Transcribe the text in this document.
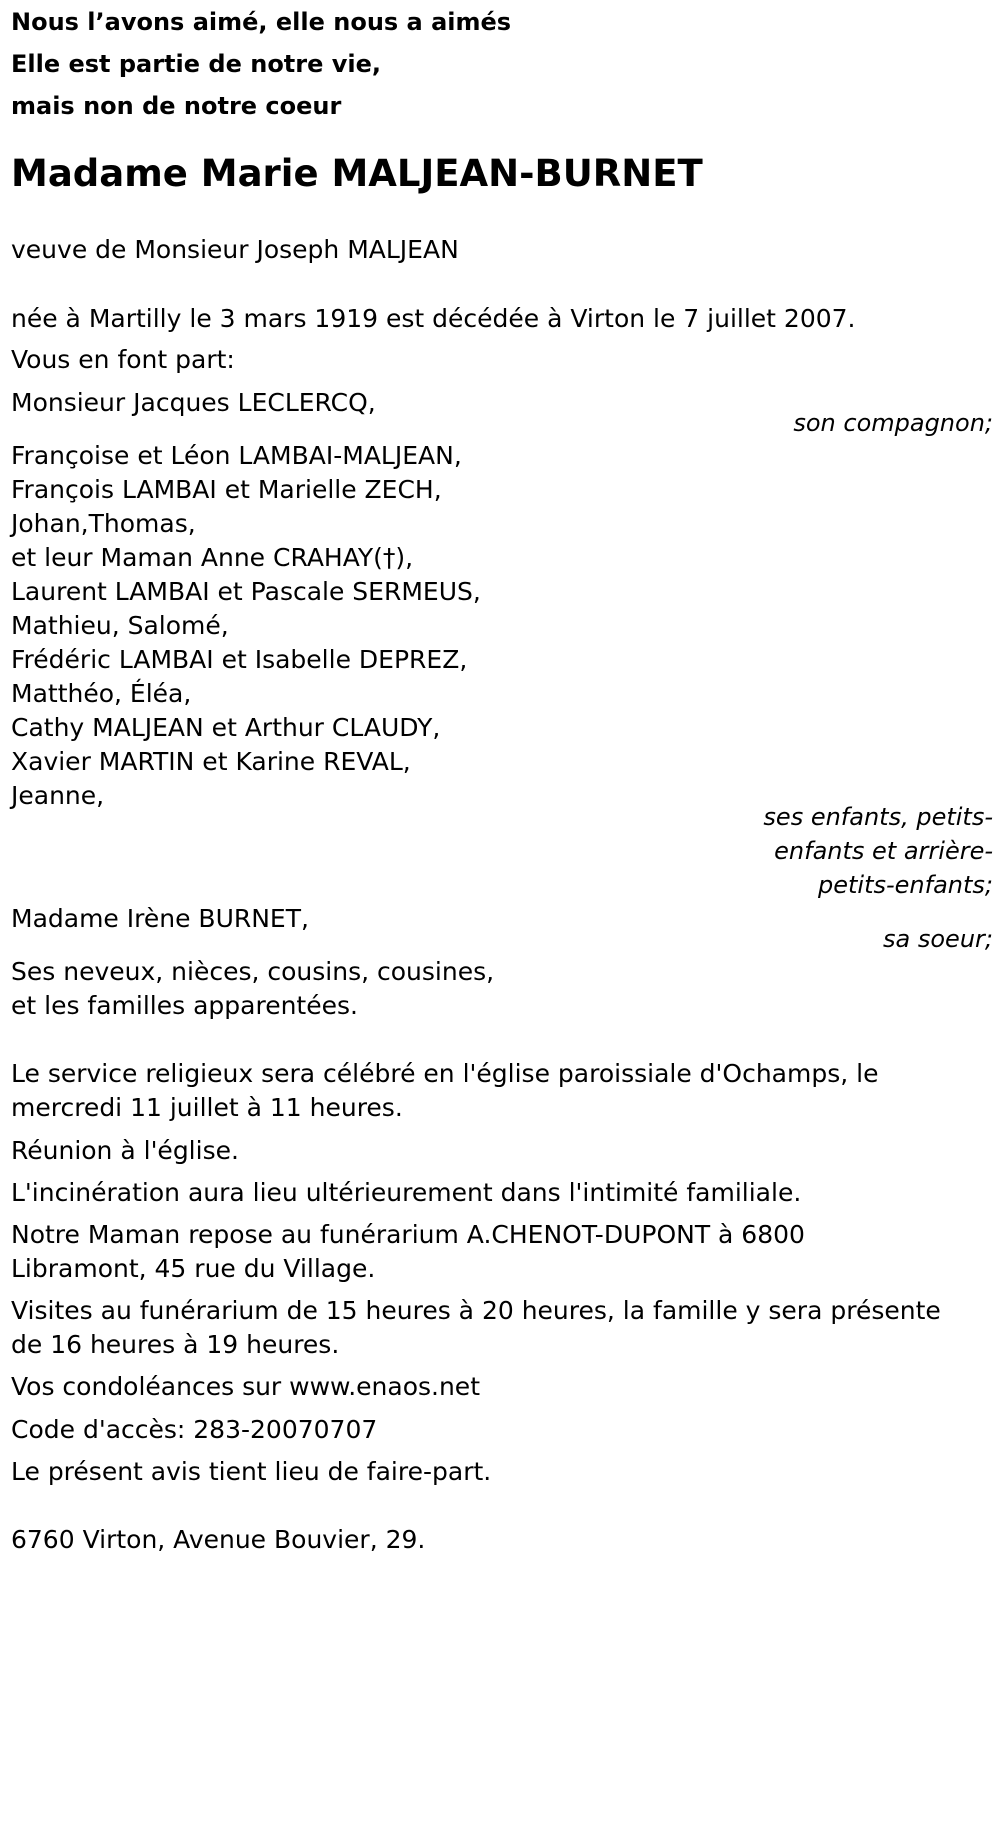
Nous l’avons aimé, elle nous a aimés
Elle est partie de notre vie,
mais non de notre coeur
Madame Marie MALJEAN-BURNET
veuve de Monsieur Joseph MALJEAN
née à Martilly le 3 mars 1919 est décédée à Virton le 7 juillet 2007.
Vous en font part:
Monsieur Jacques LECLERCQ,
son compagnon;
Françoise et Léon LAMBAI-MALJEAN,
François LAMBAI et Marielle ZECH,
Johan,Thomas,
et leur Maman Anne CRAHAY(†),
Laurent LAMBAI et Pascale SERMEUS,
Mathieu, Salomé,
Frédéric LAMBAI et Isabelle DEPREZ,
Matthéo, Éléa,
Cathy MALJEAN et Arthur CLAUDY,
Xavier MARTIN et Karine REVAL,
Jeanne,
ses enfants, petits-
enfants et arrière-
petits-enfants;
Madame Irène BURNET,
sa soeur;
Ses neveux, nièces, cousins, cousines,
et les familles apparentées.
Le service religieux sera célébré en l'église paroissiale d'Ochamps, le
mercredi 11 juillet à 11 heures.
Réunion à l'église.
L'incinération aura lieu ultérieurement dans l'intimité familiale.
Notre Maman repose au funérarium A.CHENOT-DUPONT à 6800
Libramont, 45 rue du Village.
Visites au funérarium de 15 heures à 20 heures, la famille y sera présente
de 16 heures à 19 heures.
Vos condoléances sur www.enaos.net
Code d'accès: 283-20070707
Le présent avis tient lieu de faire-part.
6760 Virton, Avenue Bouvier, 29.
